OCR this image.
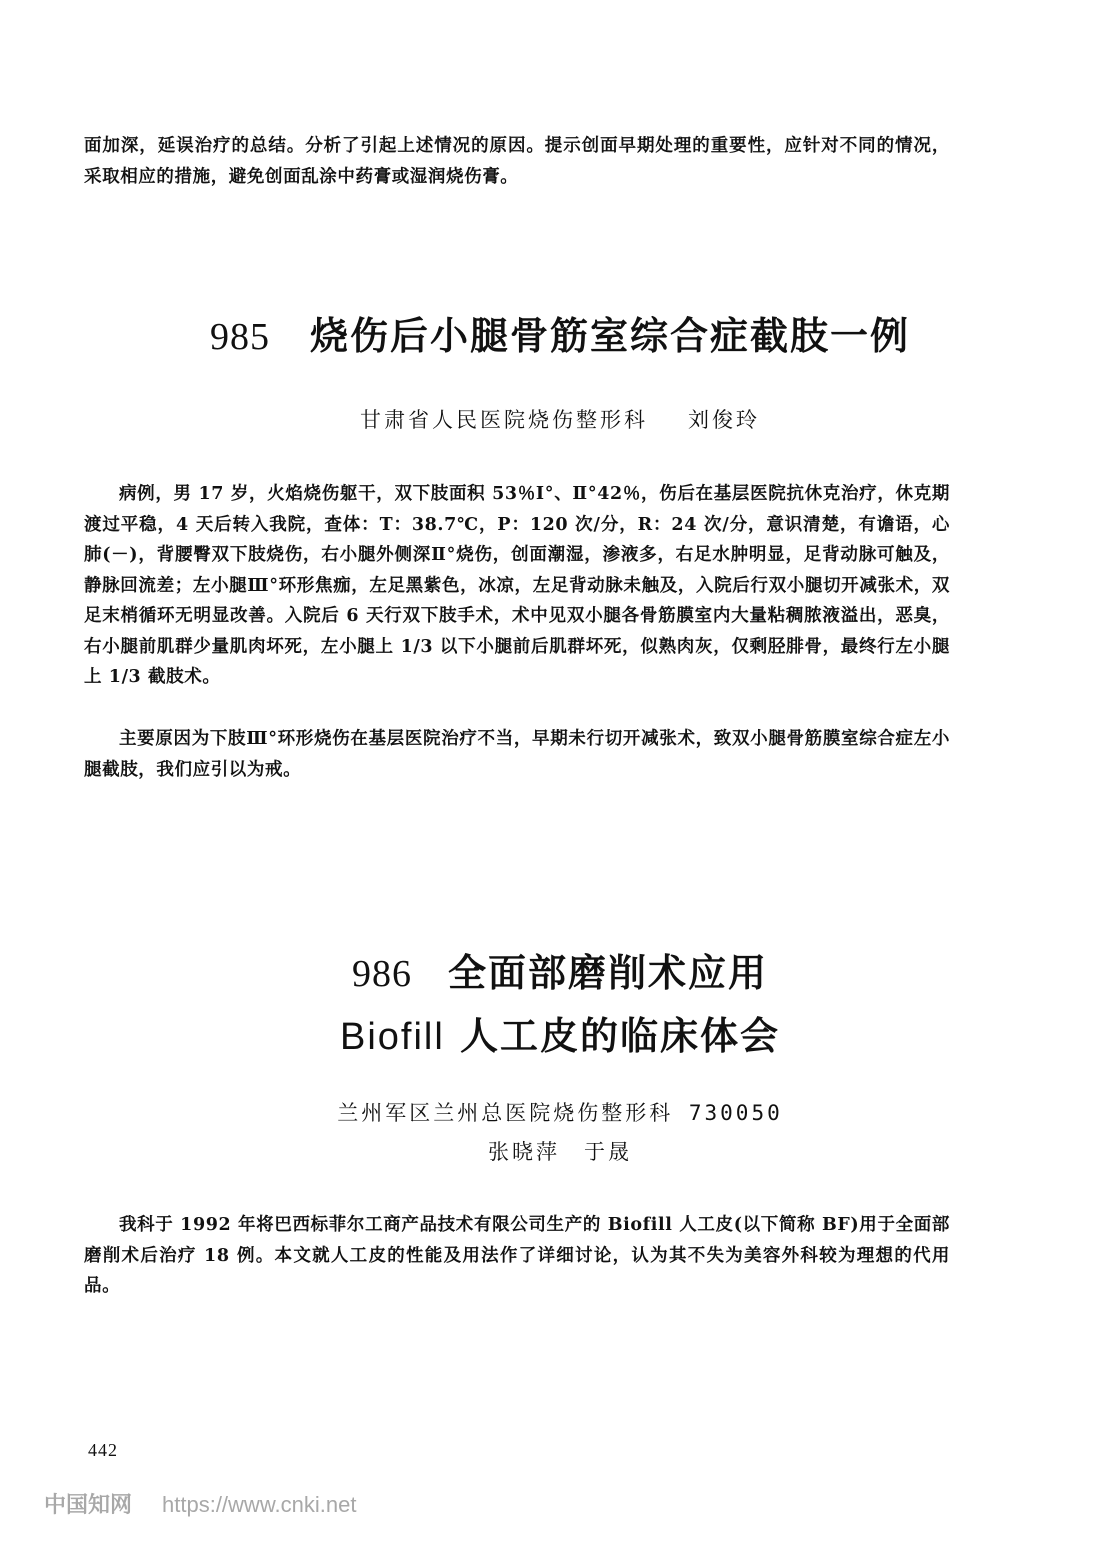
面加深，延误治疗的总结。分析了引起上述情况的原因。提示创面早期处理的重要性，应针对不同的情况，采取相应的措施，避免创面乱涂中药膏或湿润烧伤膏。

985 烧伤后小腿骨筋室综合症截肢一例

甘肃省人民医院烧伤整形科 刘俊玲

病例，男 17 岁，火焰烧伤躯干，双下肢面积 53％Ⅰ°、Ⅱ°42％，伤后在基层医院抗休克治疗，休克期渡过平稳，4 天后转入我院，查体：T：38.7℃，P：120 次/分，R：24 次/分，意识清楚，有谵语，心肺(－)，背腰臀双下肢烧伤，右小腿外侧深Ⅱ°烧伤，创面潮湿，渗液多，右足水肿明显，足背动脉可触及，静脉回流差；左小腿Ⅲ°环形焦痂，左足黑紫色，冰凉，左足背动脉未触及，入院后行双小腿切开减张术，双足末梢循环无明显改善。入院后 6 天行双下肢手术，术中见双小腿各骨筋膜室内大量粘稠脓液溢出，恶臭，右小腿前肌群少量肌肉坏死，左小腿上 1/3 以下小腿前后肌群坏死，似熟肉灰，仅剩胫腓骨，最终行左小腿上 1/3 截肢术。

主要原因为下肢Ⅲ°环形烧伤在基层医院治疗不当，早期未行切开减张术，致双小腿骨筋膜室综合症左小腿截肢，我们应引以为戒。

986 全面部磨削术应用
Biofill 人工皮的临床体会

兰州军区兰州总医院烧伤整形科 730050

张晓萍　于晟

我科于 1992 年将巴西标菲尔工商产品技术有限公司生产的 Biofill 人工皮(以下简称 BF)用于全面部磨削术后治疗 18 例。本文就人工皮的性能及用法作了详细讨论，认为其不失为美容外科较为理想的代用品。

442
中国知网 https://www.cnki.net
